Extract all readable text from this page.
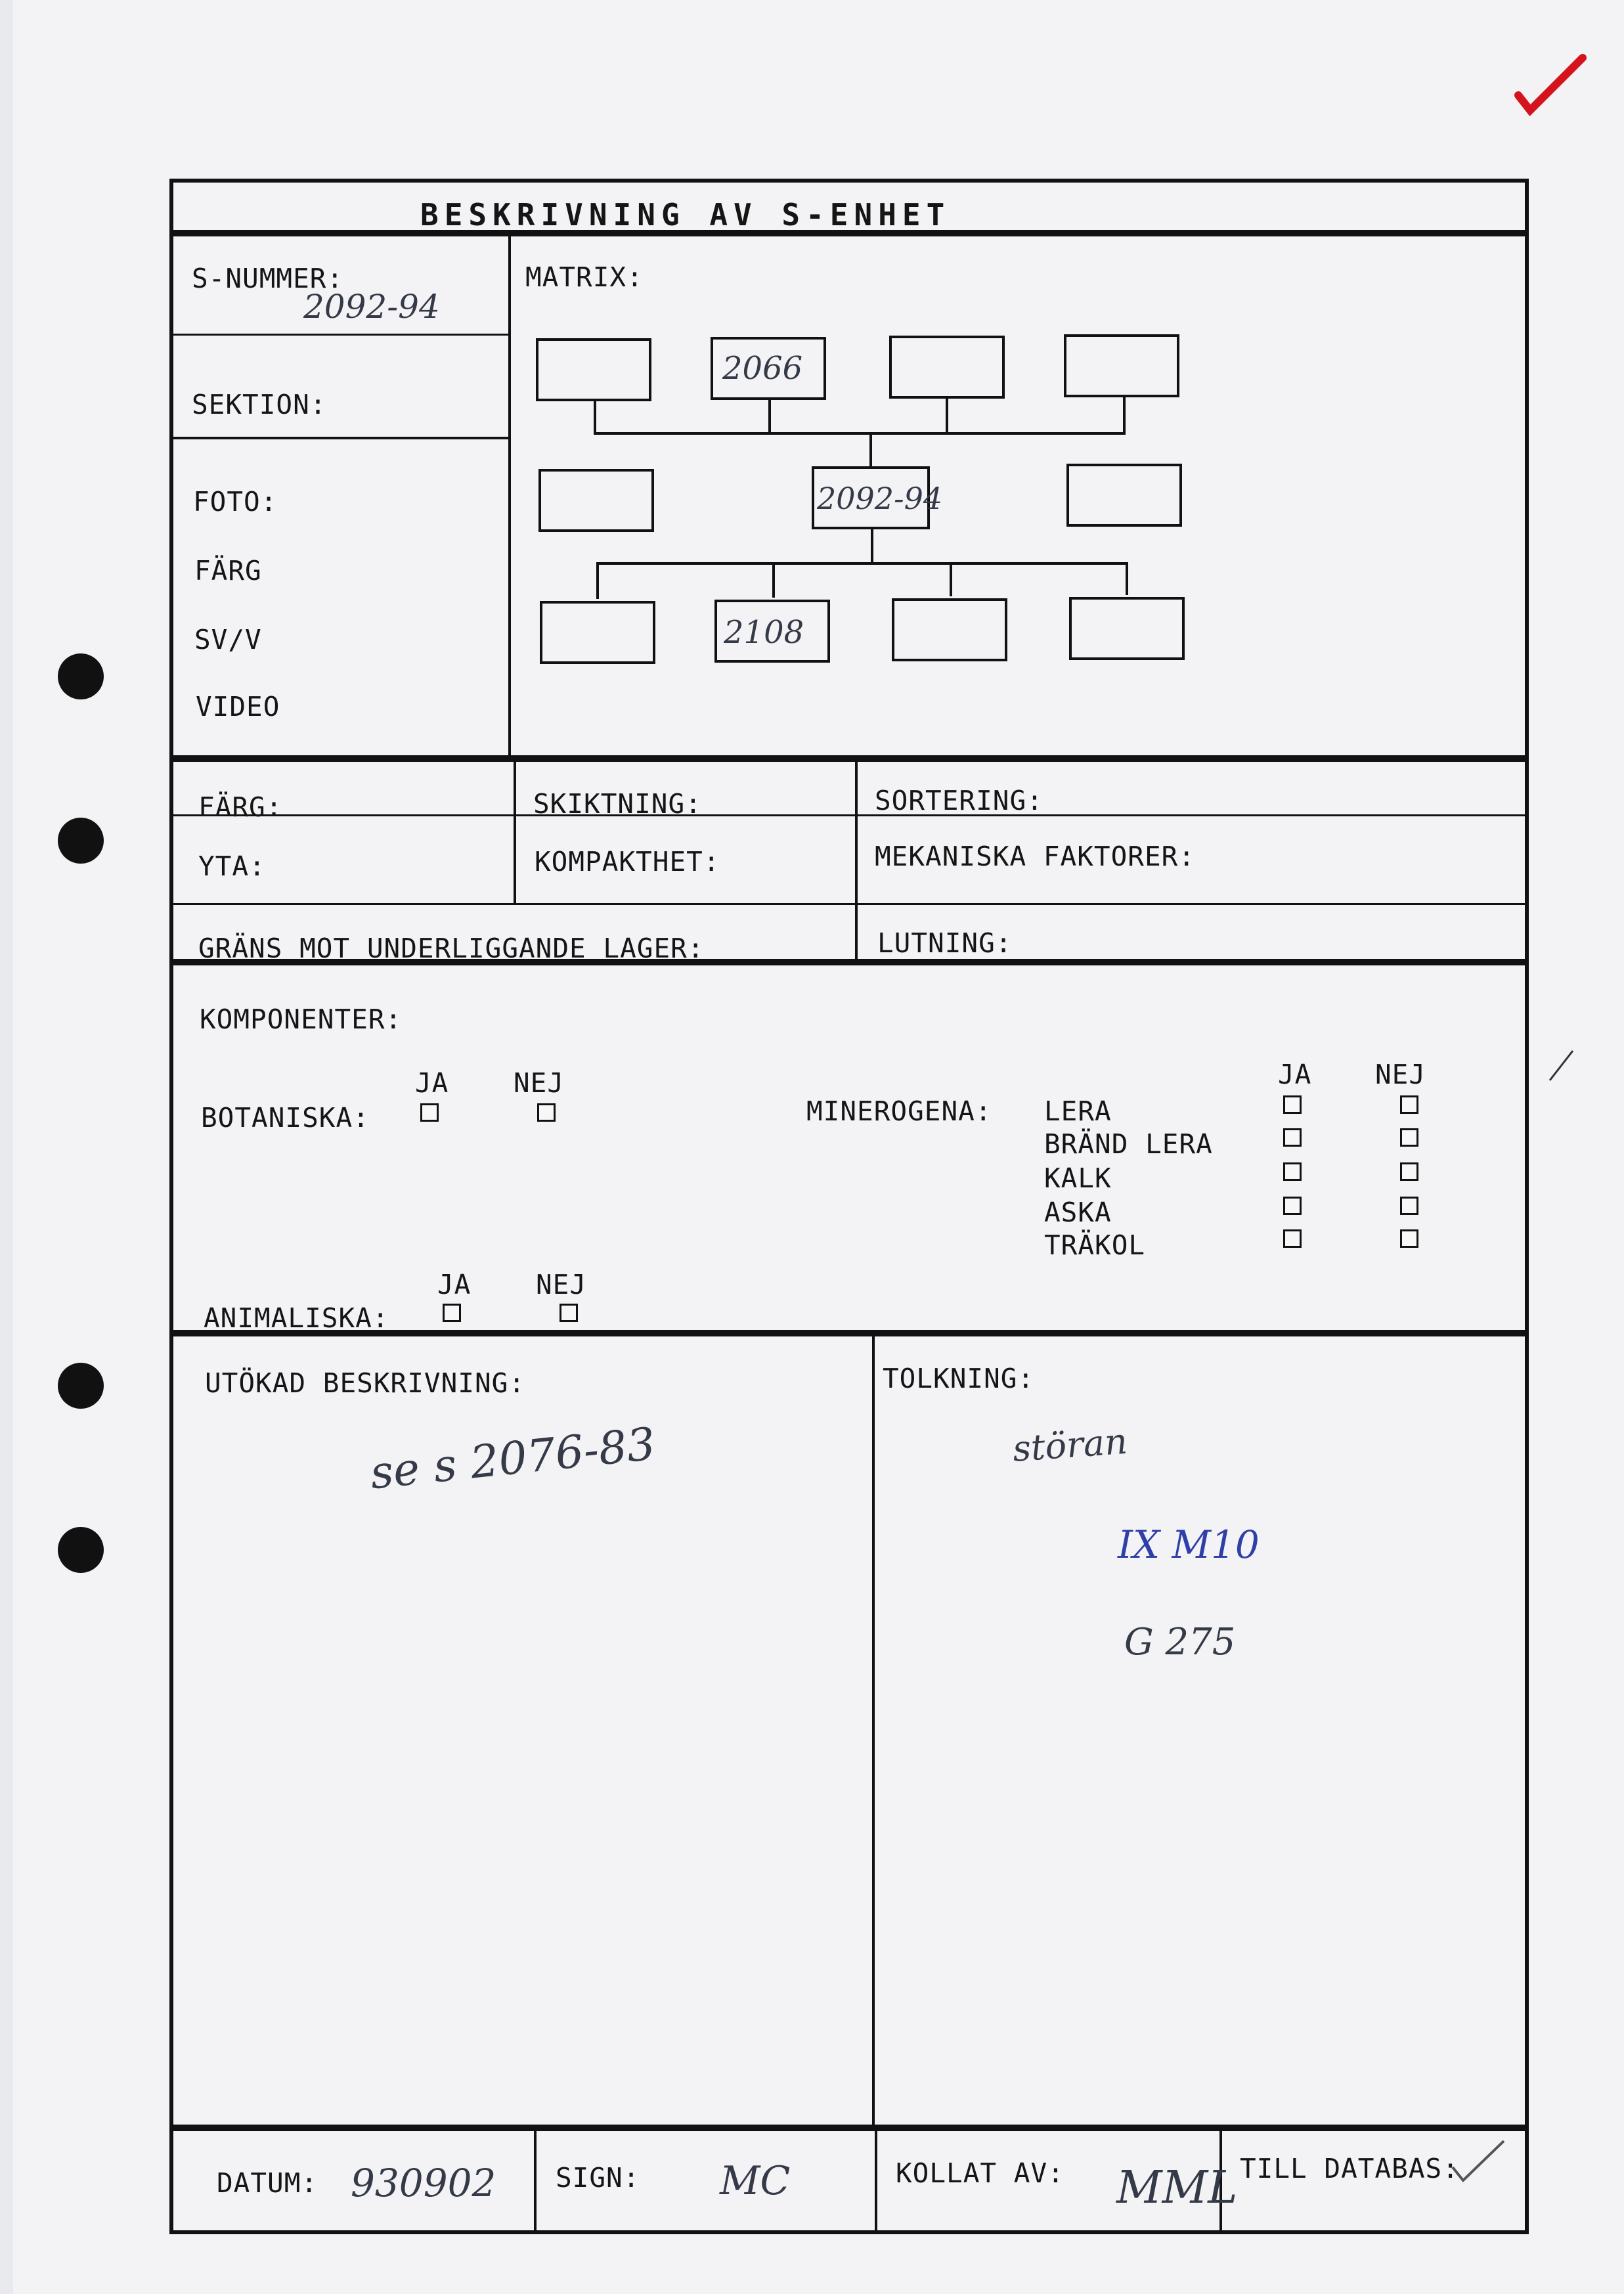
BESKRIVNING AV S-ENHET
S-NUMMER:
2092-94
SEKTION:
FOTO:
FÄRG
SV/V
VIDEO
MATRIX:
2066
2092-94
2108
FÄRG:	SKIKTNING:	SORTERING:
YTA:	KOMPAKTHET:	MEKANISKA FAKTORER:
GRÄNS MOT UNDERLIGGANDE LAGER:	LUTNING:
KOMPONENTER:
JA NEJ
BOTANISKA:
JA NEJ
ANIMALISKA:
MINEROGENA:
JA NEJ
LERA
BRÄND LERA
KALK
ASKA
TRÄKOL
UTÖKAD BESKRIVNING:	TOLKNING:
se s 2076-83	störan
IX M10
G 275
DATUM: 930902 SIGN: MC	KOLLAT AV: MML TILL DATABAS:
